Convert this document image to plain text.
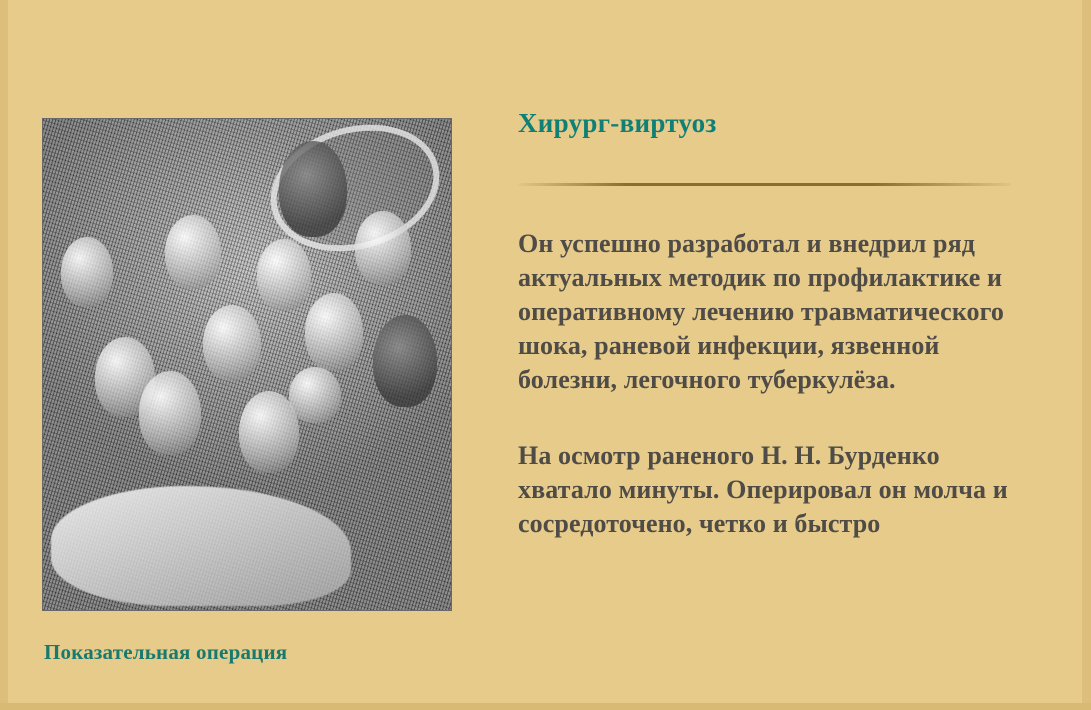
Показательная операция
Хирург-виртуоз

Он успешно разработал и внедрил ряд актуальных методик по профилактике и оперативному лечению травматического шока, раневой инфекции, язвенной болезни, легочного туберкулёза.

На осмотр раненого Н. Н. Бурденко хватало минуты. Оперировал он молча и сосредоточено, четко и быстро
